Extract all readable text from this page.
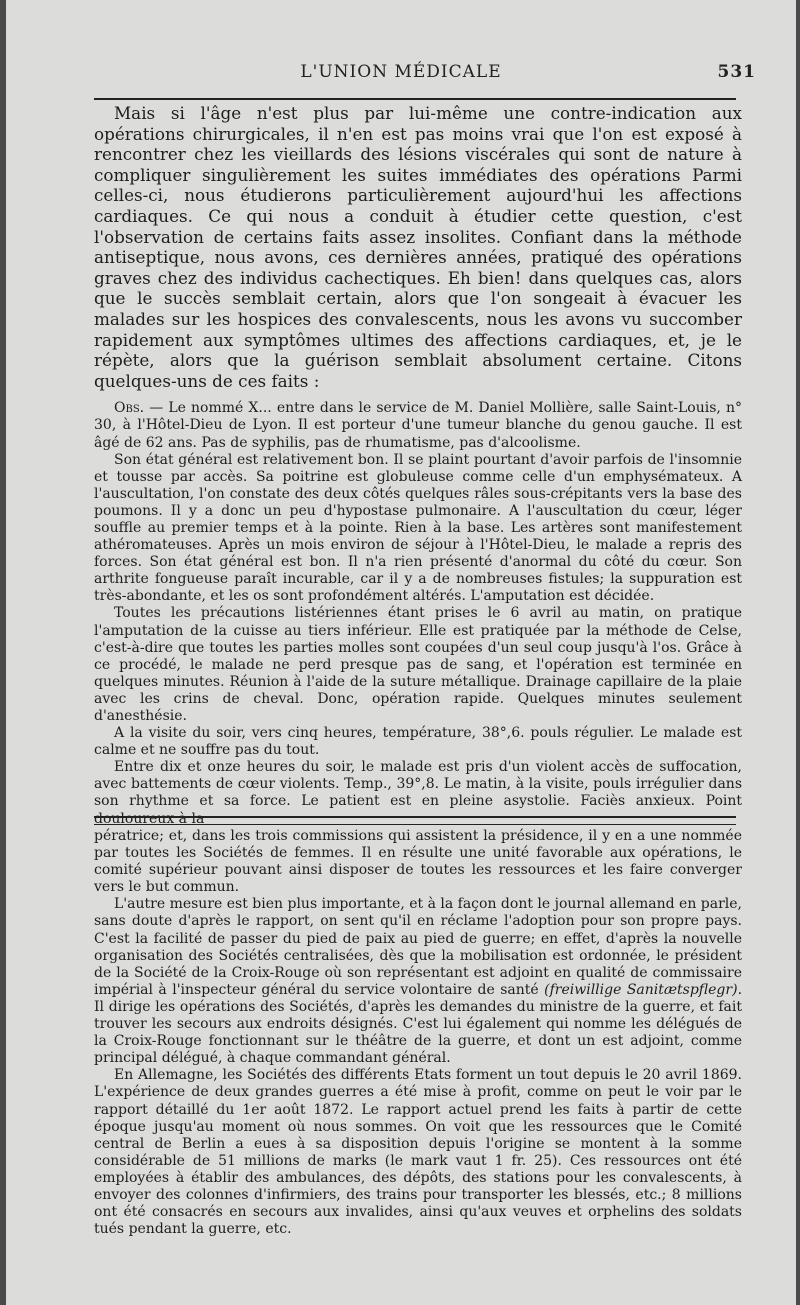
L'UNION MÉDICALE	531

Mais si l'âge n'est plus par lui-même une contre-indication aux opérations chirurgicales, il n'en est pas moins vrai que l'on est exposé à rencontrer chez les vieillards des lésions viscérales qui sont de nature à compliquer singulièrement les suites immédiates des opérations Parmi celles-ci, nous étudierons particulièrement aujourd'hui les affections cardiaques. Ce qui nous a conduit à étudier cette question, c'est l'observation de certains faits assez insolites. Confiant dans la méthode antiseptique, nous avons, ces dernières années, pratiqué des opérations graves chez des individus cachectiques. Eh bien! dans quelques cas, alors que le succès semblait certain, alors que l'on songeait à évacuer les malades sur les hospices des convalescents, nous les avons vu succomber rapidement aux symptômes ultimes des affections cardiaques, et, je le répète, alors que la guérison semblait absolument certaine. Citons quelques-uns de ces faits :

Obs. — Le nommé X... entre dans le service de M. Daniel Mollière, salle Saint-Louis, n° 30, à l'Hôtel-Dieu de Lyon. Il est porteur d'une tumeur blanche du genou gauche. Il est âgé de 62 ans. Pas de syphilis, pas de rhumatisme, pas d'alcoolisme.

Son état général est relativement bon. Il se plaint pourtant d'avoir parfois de l'insomnie et tousse par accès. Sa poitrine est globuleuse comme celle d'un emphysémateux. A l'auscultation, l'on constate des deux côtés quelques râles sous-crépitants vers la base des poumons. Il y a donc un peu d'hypostase pulmonaire. A l'auscultation du cœur, léger souffle au premier temps et à la pointe. Rien à la base. Les artères sont manifestement athéromateuses. Après un mois environ de séjour à l'Hôtel-Dieu, le malade a repris des forces. Son état général est bon. Il n'a rien présenté d'anormal du côté du cœur. Son arthrite fongueuse paraît incurable, car il y a de nombreuses fistules; la suppuration est très-abondante, et les os sont profondément altérés. L'amputation est décidée.

Toutes les précautions listériennes étant prises le 6 avril au matin, on pratique l'amputation de la cuisse au tiers inférieur. Elle est pratiquée par la méthode de Celse, c'est-à-dire que toutes les parties molles sont coupées d'un seul coup jusqu'à l'os. Grâce à ce procédé, le malade ne perd presque pas de sang, et l'opération est terminée en quelques minutes. Réunion à l'aide de la suture métallique. Drainage capillaire de la plaie avec les crins de cheval. Donc, opération rapide. Quelques minutes seulement d'anesthésie.

A la visite du soir, vers cinq heures, température, 38°,6. pouls régulier. Le malade est calme et ne souffre pas du tout.

Entre dix et onze heures du soir, le malade est pris d'un violent accès de suffocation, avec battements de cœur violents. Temp., 39°,8. Le matin, à la visite, pouls irrégulier dans son rhythme et sa force. Le patient est en pleine asystolie. Faciès anxieux. Point douloureux à la

pératrice; et, dans les trois commissions qui assistent la présidence, il y en a une nommée par toutes les Sociétés de femmes. Il en résulte une unité favorable aux opérations, le comité supérieur pouvant ainsi disposer de toutes les ressources et les faire converger vers le but commun.

L'autre mesure est bien plus importante, et à la façon dont le journal allemand en parle, sans doute d'après le rapport, on sent qu'il en réclame l'adoption pour son propre pays. C'est la facilité de passer du pied de paix au pied de guerre; en effet, d'après la nouvelle organisation des Sociétés centralisées, dès que la mobilisation est ordonnée, le président de la Société de la Croix-Rouge où son représentant est adjoint en qualité de commissaire impérial à l'inspecteur général du service volontaire de santé (freiwillige Sanitætspflegr). Il dirige les opérations des Sociétés, d'après les demandes du ministre de la guerre, et fait trouver les secours aux endroits désignés. C'est lui également qui nomme les délégués de la Croix-Rouge fonctionnant sur le théâtre de la guerre, et dont un est adjoint, comme principal délégué, à chaque commandant général.

En Allemagne, les Sociétés des différents Etats forment un tout depuis le 20 avril 1869. L'expérience de deux grandes guerres a été mise à profit, comme on peut le voir par le rapport détaillé du 1er août 1872. Le rapport actuel prend les faits à partir de cette époque jusqu'au moment où nous sommes. On voit que les ressources que le Comité central de Berlin a eues à sa disposition depuis l'origine se montent à la somme considérable de 51 millions de marks (le mark vaut 1 fr. 25). Ces ressources ont été employées à établir des ambulances, des dépôts, des stations pour les convalescents, à envoyer des colonnes d'infirmiers, des trains pour transporter les blessés, etc.; 8 millions ont été consacrés en secours aux invalides, ainsi qu'aux veuves et orphelins des soldats tués pendant la guerre, etc.
